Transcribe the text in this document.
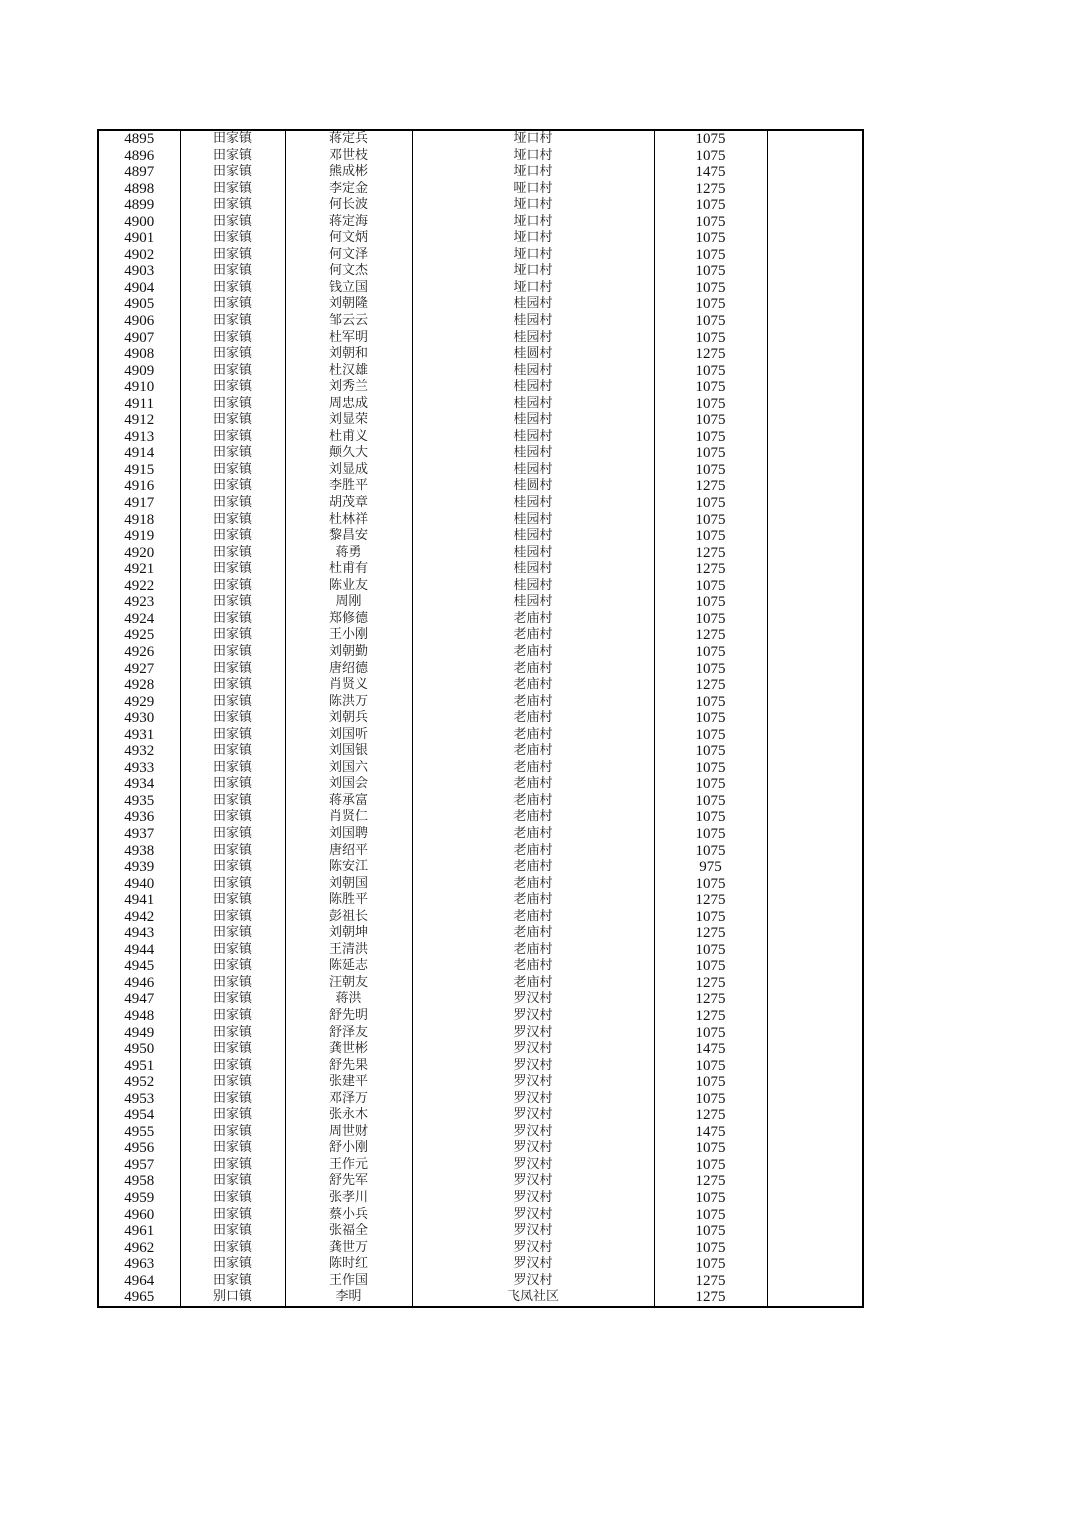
4895	田家镇	蒋定兵	垭口村	1075	
4896	田家镇	邓世枝	垭口村	1075	
4897	田家镇	熊成彬	垭口村	1475	
4898	田家镇	李定金	哑口村	1275	
4899	田家镇	何长波	垭口村	1075	
4900	田家镇	蒋定海	垭口村	1075	
4901	田家镇	何文炳	垭口村	1075	
4902	田家镇	何文泽	垭口村	1075	
4903	田家镇	何文杰	垭口村	1075	
4904	田家镇	钱立国	垭口村	1075	
4905	田家镇	刘朝隆	桂园村	1075	
4906	田家镇	邹云云	桂园村	1075	
4907	田家镇	杜军明	桂园村	1075	
4908	田家镇	刘朝和	桂圆村	1275	
4909	田家镇	杜汉雄	桂园村	1075	
4910	田家镇	刘秀兰	桂园村	1075	
4911	田家镇	周忠成	桂园村	1075	
4912	田家镇	刘显荣	桂园村	1075	
4913	田家镇	杜甫义	桂园村	1075	
4914	田家镇	颠久大	桂园村	1075	
4915	田家镇	刘显成	桂园村	1075	
4916	田家镇	李胜平	桂圆村	1275	
4917	田家镇	胡茂章	桂园村	1075	
4918	田家镇	杜林祥	桂园村	1075	
4919	田家镇	黎昌安	桂园村	1075	
4920	田家镇	蒋勇	桂园村	1275	
4921	田家镇	杜甫有	桂园村	1275	
4922	田家镇	陈业友	桂园村	1075	
4923	田家镇	周刚	桂园村	1075	
4924	田家镇	郑修德	老庙村	1075	
4925	田家镇	王小刚	老庙村	1275	
4926	田家镇	刘朝勤	老庙村	1075	
4927	田家镇	唐绍德	老庙村	1075	
4928	田家镇	肖贤义	老庙村	1275	
4929	田家镇	陈洪万	老庙村	1075	
4930	田家镇	刘朝兵	老庙村	1075	
4931	田家镇	刘国听	老庙村	1075	
4932	田家镇	刘国银	老庙村	1075	
4933	田家镇	刘国六	老庙村	1075	
4934	田家镇	刘国会	老庙村	1075	
4935	田家镇	蒋承富	老庙村	1075	
4936	田家镇	肖贤仁	老庙村	1075	
4937	田家镇	刘国聘	老庙村	1075	
4938	田家镇	唐绍平	老庙村	1075	
4939	田家镇	陈安江	老庙村	975	
4940	田家镇	刘朝国	老庙村	1075	
4941	田家镇	陈胜平	老庙村	1275	
4942	田家镇	彭祖长	老庙村	1075	
4943	田家镇	刘朝坤	老庙村	1275	
4944	田家镇	王清洪	老庙村	1075	
4945	田家镇	陈延志	老庙村	1075	
4946	田家镇	汪朝友	老庙村	1275	
4947	田家镇	蒋洪	罗汉村	1275	
4948	田家镇	舒先明	罗汉村	1275	
4949	田家镇	舒泽友	罗汉村	1075	
4950	田家镇	龚世彬	罗汉村	1475	
4951	田家镇	舒先果	罗汉村	1075	
4952	田家镇	张建平	罗汉村	1075	
4953	田家镇	邓泽万	罗汉村	1075	
4954	田家镇	张永木	罗汉村	1275	
4955	田家镇	周世财	罗汉村	1475	
4956	田家镇	舒小刚	罗汉村	1075	
4957	田家镇	王作元	罗汉村	1075	
4958	田家镇	舒先军	罗汉村	1275	
4959	田家镇	张孝川	罗汉村	1075	
4960	田家镇	蔡小兵	罗汉村	1075	
4961	田家镇	张福全	罗汉村	1075	
4962	田家镇	龚世万	罗汉村	1075	
4963	田家镇	陈时红	罗汉村	1075	
4964	田家镇	王作国	罗汉村	1275	
4965	别口镇	李明	飞凤社区	1275	
